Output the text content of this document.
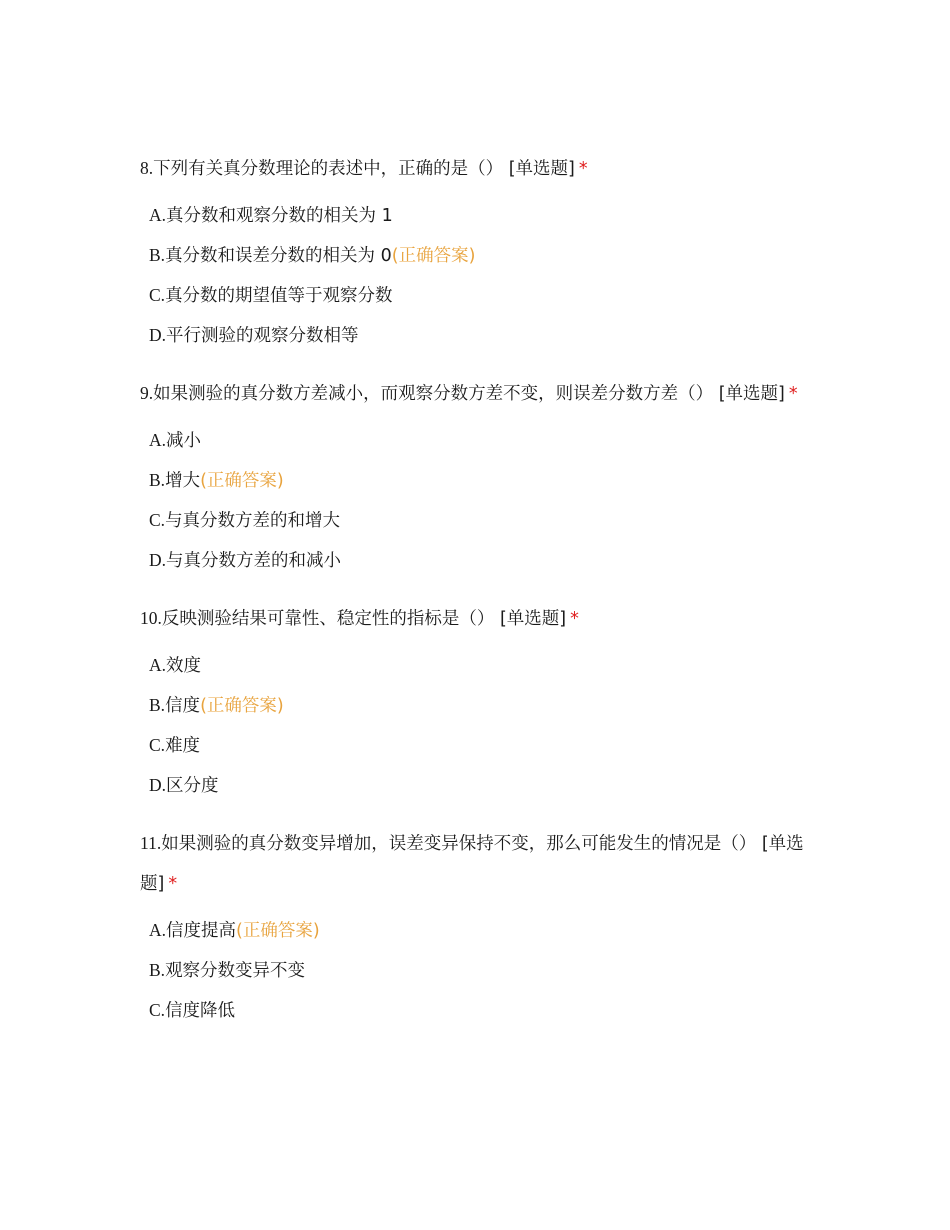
8.下列有关真分数理论的表述中，正确的是（） [单选题] *
A.真分数和观察分数的相关为 1
B.真分数和误差分数的相关为 0(正确答案)
C.真分数的期望值等于观察分数
D.平行测验的观察分数相等
9.如果测验的真分数方差减小，而观察分数方差不变，则误差分数方差（） [单选题] *
A.减小
B.增大(正确答案)
C.与真分数方差的和增大
D.与真分数方差的和减小
10.反映测验结果可靠性、稳定性的指标是（） [单选题] *
A.效度
B.信度(正确答案)
C.难度
D.区分度
11.如果测验的真分数变异增加，误差变异保持不变，那么可能发生的情况是（） [单选题] *
A.信度提高(正确答案)
B.观察分数变异不变
C.信度降低
